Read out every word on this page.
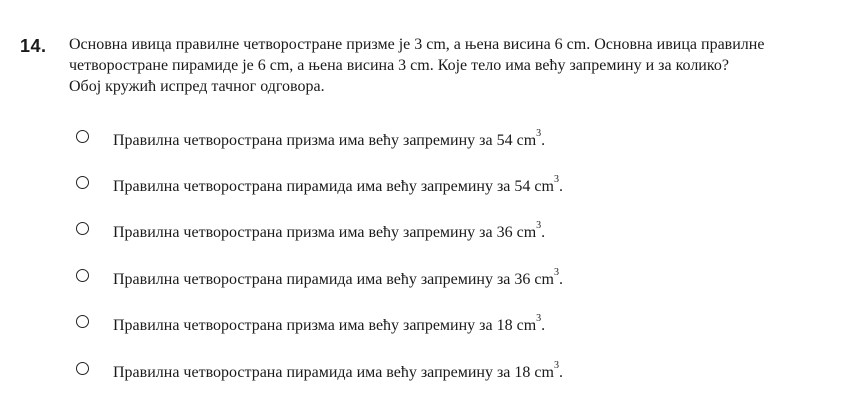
14. Основна ивица правилне четворостране призме је 3 cm, а њена висина 6 cm. Основна ивица правилне
четворостране пирамиде је 6 cm, а њена висина 3 cm. Које тело има већу запремину и за колико?
Обој кружић испред тачног одговора.
Правилна четворострана призма има већу запремину за 54 $cm^3$.
Правилна четворострана пирамида има већу запремину за 54 $cm^3$.
Правилна четворострана призма има већу запремину за 36 $cm^3$.
Правилна четворострана пирамида има већу запремину за 36 $cm^3$.
Правилна четворострана призма има већу запремину за 18 $cm^3$.
Правилна четворострана пирамида има већу запремину за 18 $cm^3$.
